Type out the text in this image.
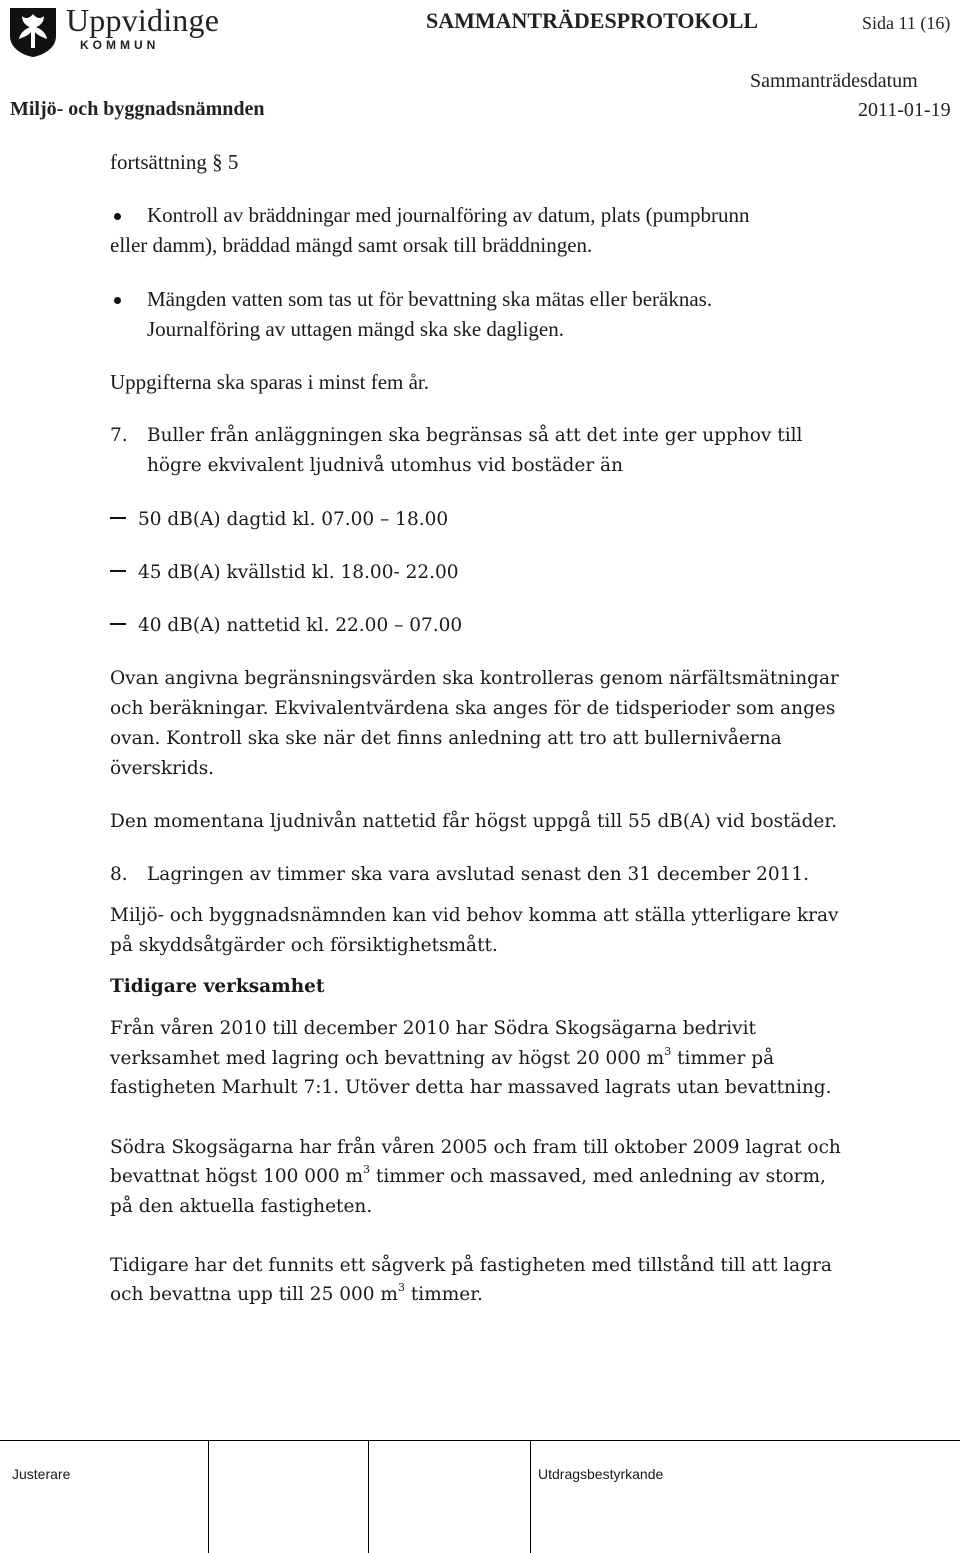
Uppvidinge
KOMMUN
SAMMANTRÄDESPROTOKOLL	Sida 11 (16)
Sammanträdesdatum
Miljö- och byggnadsnämnden	2011-01-19
fortsättning § 5
Kontroll av bräddningar med journalföring av datum, plats (pumpbrunn
eller damm), bräddad mängd samt orsak till bräddningen.
Mängden vatten som tas ut för bevattning ska mätas eller beräknas.
Journalföring av uttagen mängd ska ske dagligen.
Uppgifterna ska sparas i minst fem år.
7. Buller från anläggningen ska begränsas så att det inte ger upphov till
högre ekvivalent ljudnivå utomhus vid bostäder än
50 dB(A) dagtid kl. 07.00 – 18.00
45 dB(A) kvällstid kl. 18.00- 22.00
40 dB(A) nattetid kl. 22.00 – 07.00
Ovan angivna begränsningsvärden ska kontrolleras genom närfältsmätningar
och beräkningar. Ekvivalentvärdena ska anges för de tidsperioder som anges
ovan. Kontroll ska ske när det finns anledning att tro att bullernivåerna
överskrids.
Den momentana ljudnivån nattetid får högst uppgå till 55 dB(A) vid bostäder.
8. Lagringen av timmer ska vara avslutad senast den 31 december 2011.
Miljö- och byggnadsnämnden kan vid behov komma att ställa ytterligare krav
på skyddsåtgärder och försiktighetsmått.
Tidigare verksamhet
Från våren 2010 till december 2010 har Södra Skogsägarna bedrivit
verksamhet med lagring och bevattning av högst 20 000 $m^3$ timmer på
fastigheten Marhult 7:1. Utöver detta har massaved lagrats utan bevattning.
Södra Skogsägarna har från våren 2005 och fram till oktober 2009 lagrat och
bevattnat högst 100 000 $m^3$ timmer och massaved, med anledning av storm,
på den aktuella fastigheten.
Tidigare har det funnits ett sågverk på fastigheten med tillstånd till att lagra
och bevattna upp till 25 000 $m^3$ timmer.
Justerare	Utdragsbestyrkande
